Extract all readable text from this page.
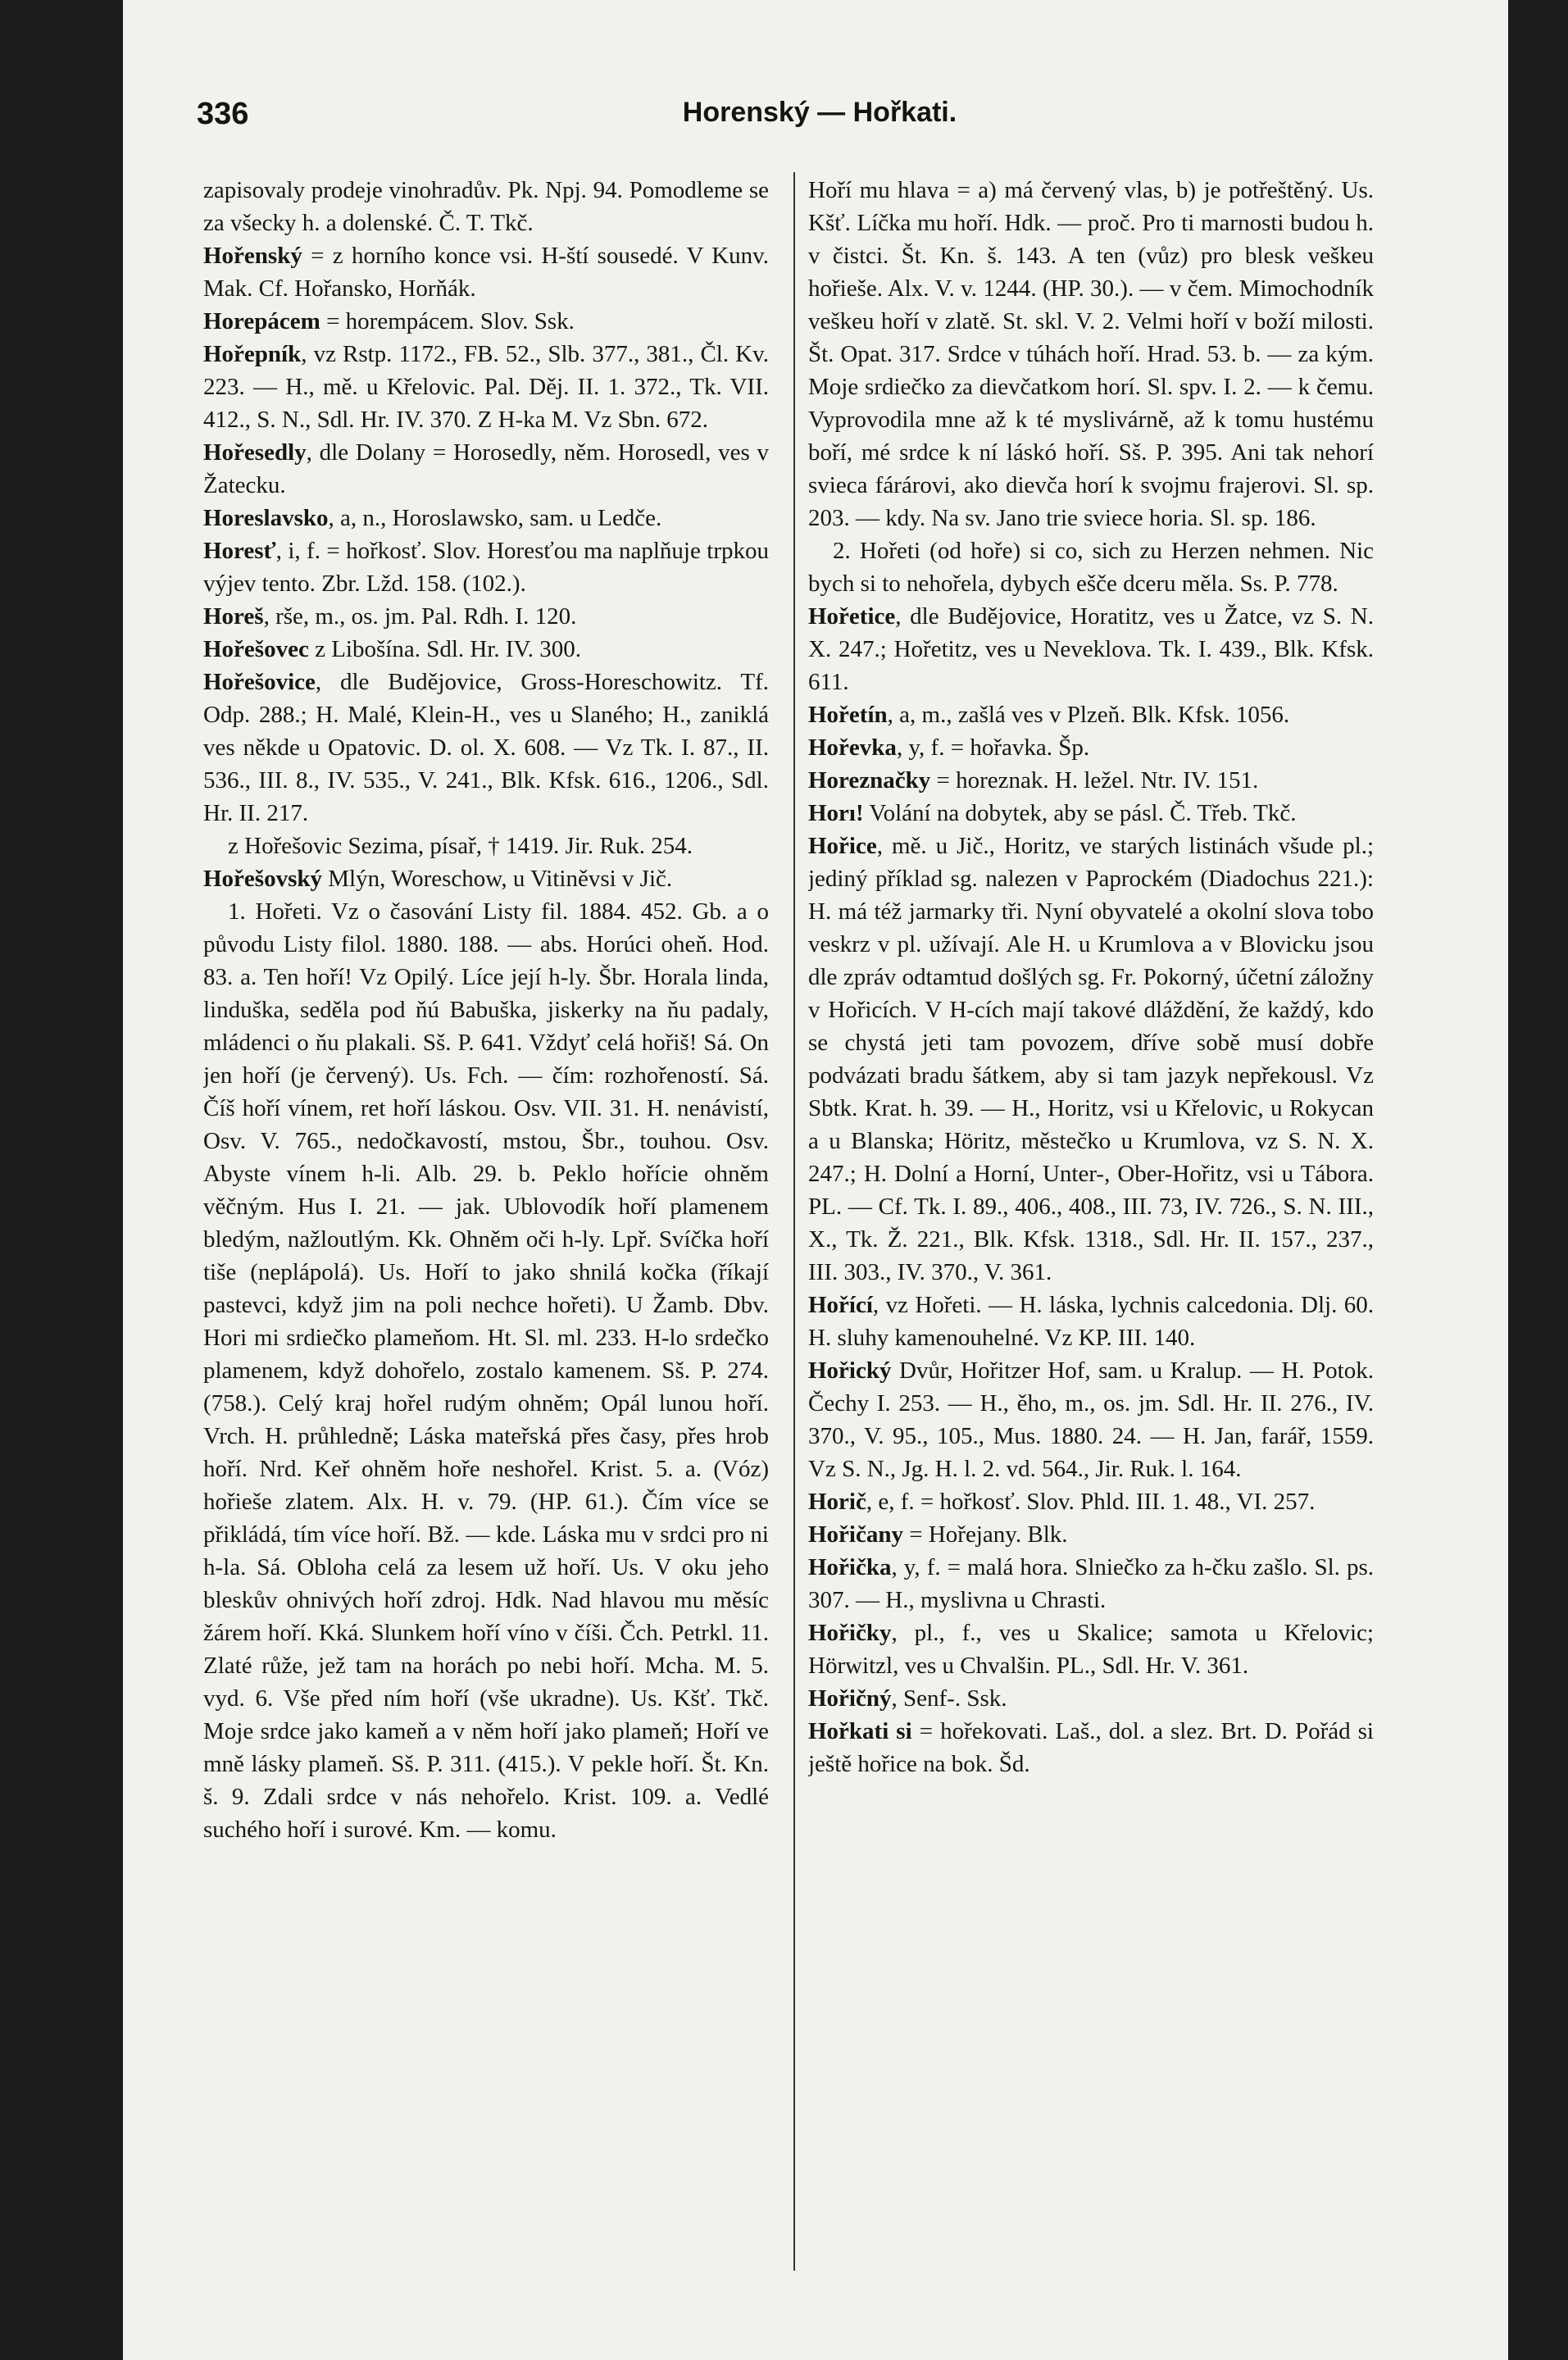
336	Horenský — Hořkati.

zapisovaly prodeje vinohradův. Pk. Npj. 94. Pomodleme se za všecky h. a dolenské. Č. T. Tkč.

Hořenský = z horního konce vsi. H-ští sousedé. V Kunv. Mak. Cf. Hořansko, Horňák.

Horepácem = horempácem. Slov. Ssk.

Hořepník, vz Rstp. 1172., FB. 52., Slb. 377., 381., Čl. Kv. 223. — H., mě. u Křelovic. Pal. Děj. II. 1. 372., Tk. VII. 412., S. N., Sdl. Hr. IV. 370. Z H-ka M. Vz Sbn. 672.

Hořesedly, dle Dolany = Horosedly, něm. Horosedl, ves v Žatecku.

Horeslavsko, a, n., Horoslawsko, sam. u Ledče.

Horesť, i, f. = hořkosť. Slov. Horesťou ma naplňuje trpkou výjev tento. Zbr. Lžd. 158. (102.).

Horeš, rše, m., os. jm. Pal. Rdh. I. 120.

Hořešovec z Libošína. Sdl. Hr. IV. 300.

Hořešovice, dle Budějovice, Gross-Horeschowitz. Tf. Odp. 288.; H. Malé, Klein-H., ves u Slaného; H., zaniklá ves někde u Opatovic. D. ol. X. 608. — Vz Tk. I. 87., II. 536., III. 8., IV. 535., V. 241., Blk. Kfsk. 616., 1206., Sdl. Hr. II. 217.

z Hořešovic Sezima, písař, † 1419. Jir. Ruk. 254.

Hořešovský Mlýn, Woreschow, u Vitiněvsi v Jič.

1. Hořeti. Vz o časování Listy fil. 1884. 452. Gb. a o původu Listy filol. 1880. 188. — abs. Horúci oheň. Hod. 83. a. Ten hoří! Vz Opilý. Líce její h-ly. Šbr. Horala linda, linduška, seděla pod ňú Babuška, jiskerky na ňu padaly, mládenci o ňu plakali. Sš. P. 641. Vždyť celá hořiš! Sá. On jen hoří (je červený). Us. Fch. — čím: rozhořeností. Sá. Číš hoří vínem, ret hoří láskou. Osv. VII. 31. H. nenávistí, Osv. V. 765., nedočkavostí, mstou, Šbr., touhou. Osv. Abyste vínem h-li. Alb. 29. b. Peklo hořície ohněm věčným. Hus I. 21. — jak. Ublovodík hoří plamenem bledým, nažloutlým. Kk. Ohněm oči h-ly. Lpř. Svíčka hoří tiše (neplápolá). Us. Hoří to jako shnilá kočka (říkají pastevci, když jim na poli nechce hořeti). U Žamb. Dbv. Hori mi srdiečko plameňom. Ht. Sl. ml. 233. H-lo srdečko plamenem, když dohořelo, zostalo kamenem. Sš. P. 274. (758.). Celý kraj hořel rudým ohněm; Opál lunou hoří. Vrch. H. průhledně; Láska mateřská přes časy, přes hrob hoří. Nrd. Keř ohněm hoře neshořel. Krist. 5. a. (Vóz) hořieše zlatem. Alx. H. v. 79. (HP. 61.). Čím více se přikládá, tím více hoří. Bž. — kde. Láska mu v srdci pro ni h-la. Sá. Obloha celá za lesem už hoří. Us. V oku jeho bleskův ohnivých hoří zdroj. Hdk. Nad hlavou mu měsíc žárem hoří. Kká. Slunkem hoří víno v číši. Čch. Petrkl. 11. Zlaté růže, jež tam na horách po nebi hoří. Mcha. M. 5. vyd. 6. Vše před ním hoří (vše ukradne). Us. Kšť. Tkč. Moje srdce jako kameň a v něm hoří jako plameň; Hoří ve mně lásky plameň. Sš. P. 311. (415.). V pekle hoří. Št. Kn. š. 9. Zdali srdce v nás nehořelo. Krist. 109. a. Vedlé suchého hoří i surové. Km. — komu.

Hoří mu hlava = a) má červený vlas, b) je potřeštěný. Us. Kšť. Líčka mu hoří. Hdk. — proč. Pro ti marnosti budou h. v čistci. Št. Kn. š. 143. A ten (vůz) pro blesk veškeu hořieše. Alx. V. v. 1244. (HP. 30.). — v čem. Mimochodník veškeu hoří v zlatě. St. skl. V. 2. Velmi hoří v boží milosti. Št. Opat. 317. Srdce v túhách hoří. Hrad. 53. b. — za kým. Moje srdiečko za dievčatkom horí. Sl. spv. I. 2. — k čemu. Vyprovodila mne až k té myslivárně, až k tomu hustému boří, mé srdce k ní láskó hoří. Sš. P. 395. Ani tak nehorí svieca fárárovi, ako dievča horí k svojmu frajerovi. Sl. sp. 203. — kdy. Na sv. Jano trie sviece horia. Sl. sp. 186.

2. Hořeti (od hoře) si co, sich zu Herzen nehmen. Nic bych si to nehořela, dybych ešče dceru měla. Ss. P. 778.

Hořetice, dle Budějovice, Horatitz, ves u Žatce, vz S. N. X. 247.; Hořetitz, ves u Neveklova. Tk. I. 439., Blk. Kfsk. 611.

Hořetín, a, m., zašlá ves v Plzeň. Blk. Kfsk. 1056.

Hořevka, y, f. = hořavka. Šp.

Horeznačky = horeznak. H. ležel. Ntr. IV. 151.

Horı! Volání na dobytek, aby se pásl. Č. Třeb. Tkč.

Hořice, mě. u Jič., Horitz, ve starých listinách všude pl.; jediný příklad sg. nalezen v Paprockém (Diadochus 221.): H. má též jarmarky tři. Nyní obyvatelé a okolní slova tobo veskrz v pl. užívají. Ale H. u Krumlova a v Blovicku jsou dle zpráv odtamtud došlých sg. Fr. Pokorný, účetní záložny v Hořicích. V H-cích mají takové dláždění, že každý, kdo se chystá jeti tam povozem, dříve sobě musí dobře podvázati bradu šátkem, aby si tam jazyk nepřekousl. Vz Sbtk. Krat. h. 39. — H., Horitz, vsi u Křelovic, u Rokycan a u Blanska; Höritz, městečko u Krumlova, vz S. N. X. 247.; H. Dolní a Horní, Unter-, Ober-Hořitz, vsi u Tábora. PL. — Cf. Tk. I. 89., 406., 408., III. 73, IV. 726., S. N. III., X., Tk. Ž. 221., Blk. Kfsk. 1318., Sdl. Hr. II. 157., 237., III. 303., IV. 370., V. 361.

Hořící, vz Hořeti. — H. láska, lychnis calcedonia. Dlj. 60. H. sluhy kamenouhelné. Vz KP. III. 140.

Hořický Dvůr, Hořitzer Hof, sam. u Kralup. — H. Potok. Čechy I. 253. — H., ěho, m., os. jm. Sdl. Hr. II. 276., IV. 370., V. 95., 105., Mus. 1880. 24. — H. Jan, farář, 1559. Vz S. N., Jg. H. l. 2. vd. 564., Jir. Ruk. l. 164.

Horič, e, f. = hořkosť. Slov. Phld. III. 1. 48., VI. 257.

Hořičany = Hořejany. Blk.

Hořička, y, f. = malá hora. Slniečko za h-čku zašlo. Sl. ps. 307. — H., myslivna u Chrasti.

Hořičky, pl., f., ves u Skalice; samota u Křelovic; Hörwitzl, ves u Chvalšin. PL., Sdl. Hr. V. 361.

Hořičný, Senf-. Ssk.

Hořkati si = hořekovati. Laš., dol. a slez. Brt. D. Pořád si ještě hořice na bok. Šd.
